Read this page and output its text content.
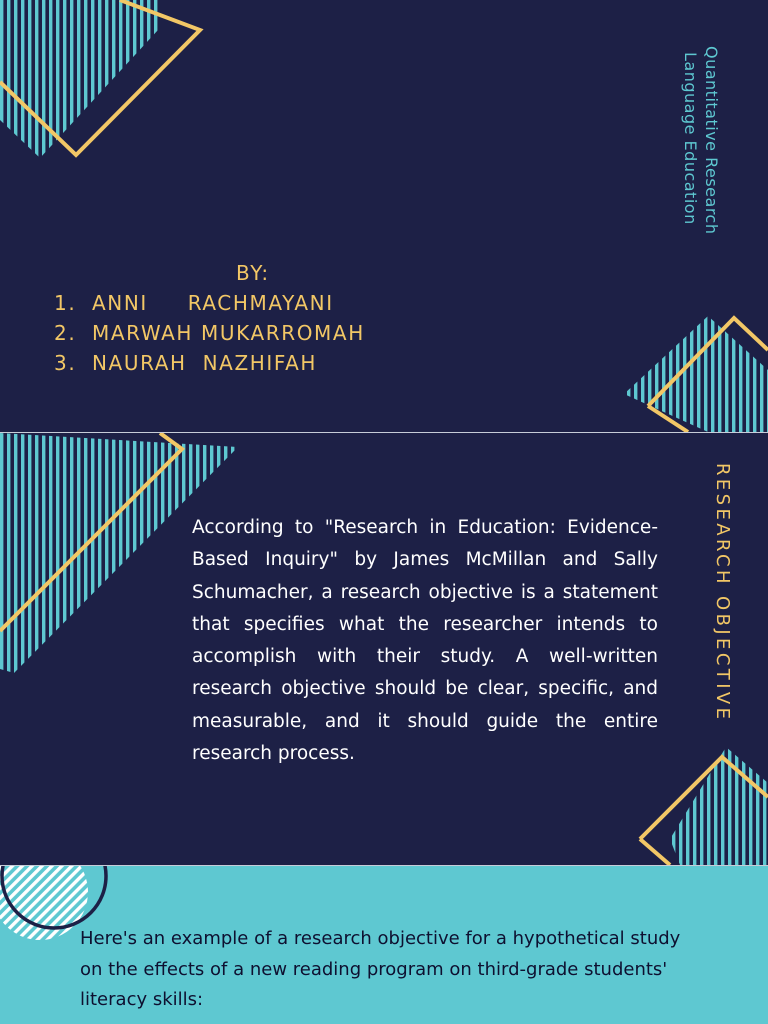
Quantitative Research
Language Education
BY:
1. ANNI     RACHMAYANI
2. MARWAH MUKARROMAH
3. NAURAH  NAZHIFAH
RESEARCH OBJECTIVE
According to "Research in Education: Evidence-Based Inquiry" by James McMillan and Sally Schumacher, a research objective is a statement that specifies what the researcher intends to accomplish with their study. A well-written research objective should be clear, specific, and measurable, and it should guide the entire research process.
Here's an example of a research objective for a hypothetical study on the effects of a new reading program on third-grade students' literacy skills:
